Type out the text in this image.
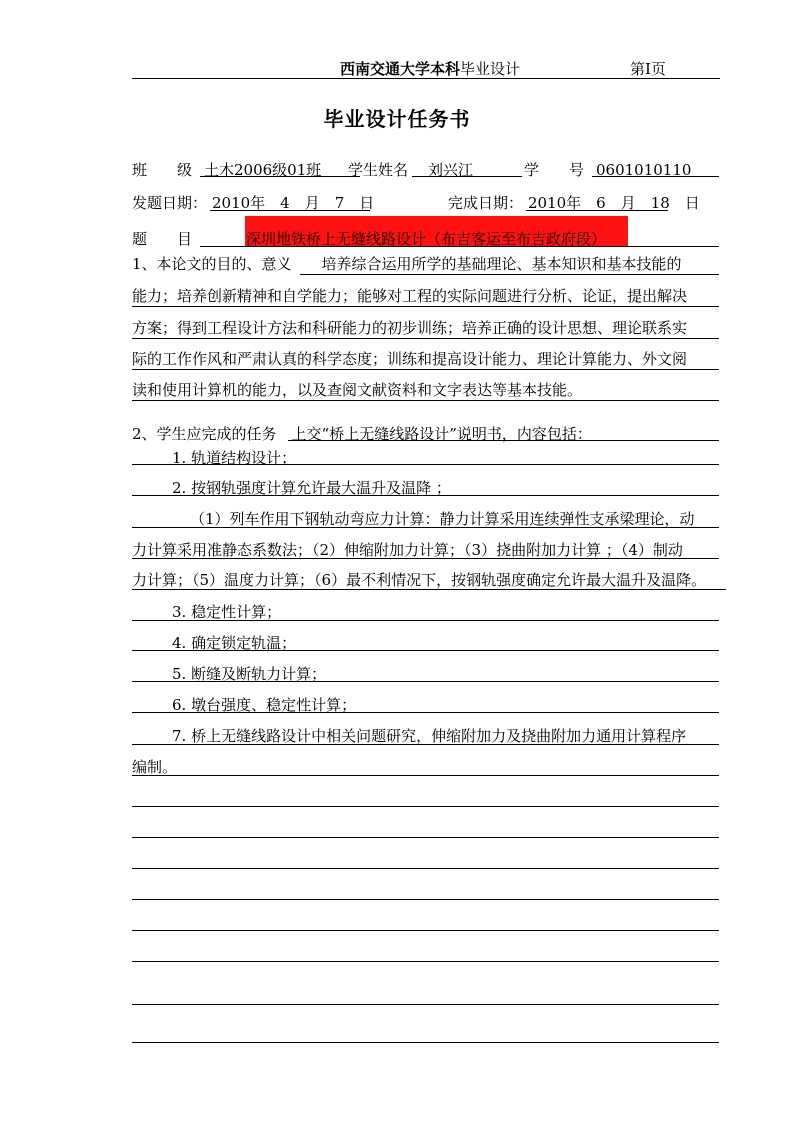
西南交通大学本科毕业设计	第Ⅰ页
毕业设计任务书
班　　级 土木2006级01班 学生姓名 刘兴江	学　　号 0601010110
发题日期： 2010年　4　月　7　日	完成日期： 2010年　6　月　18　日
题　　目	深圳地铁桥上无缝线路设计（布吉客运至布吉政府段）
1、本论文的目的、意义　　培养综合运用所学的基础理论、基本知识和基本技能的
能力；培养创新精神和自学能力；能够对工程的实际问题进行分析、论证，提出解决
方案；得到工程设计方法和科研能力的初步训练；培养正确的设计思想、理论联系实
际的工作作风和严肃认真的科学态度；训练和提高设计能力、理论计算能力、外文阅
读和使用计算机的能力，以及查阅文献资料和文字表达等基本技能。
2、学生应完成的任务　上交“桥上无缝线路设计”说明书，内容包括：
1. 轨道结构设计；
2. 按钢轨强度计算允许最大温升及温降 ；
（1）列车作用下钢轨动弯应力计算：静力计算采用连续弹性支承梁理论，动
力计算采用准静态系数法；（2）伸缩附加力计算；（3）挠曲附加力计算 ；（4）制动
力计算；（5）温度力计算；（6）最不利情况下，按钢轨强度确定允许最大温升及温降。
3. 稳定性计算；
4. 确定锁定轨温；
5. 断缝及断轨力计算；
6. 墩台强度、稳定性计算；
7. 桥上无缝线路设计中相关问题研究，伸缩附加力及挠曲附加力通用计算程序
编制。
